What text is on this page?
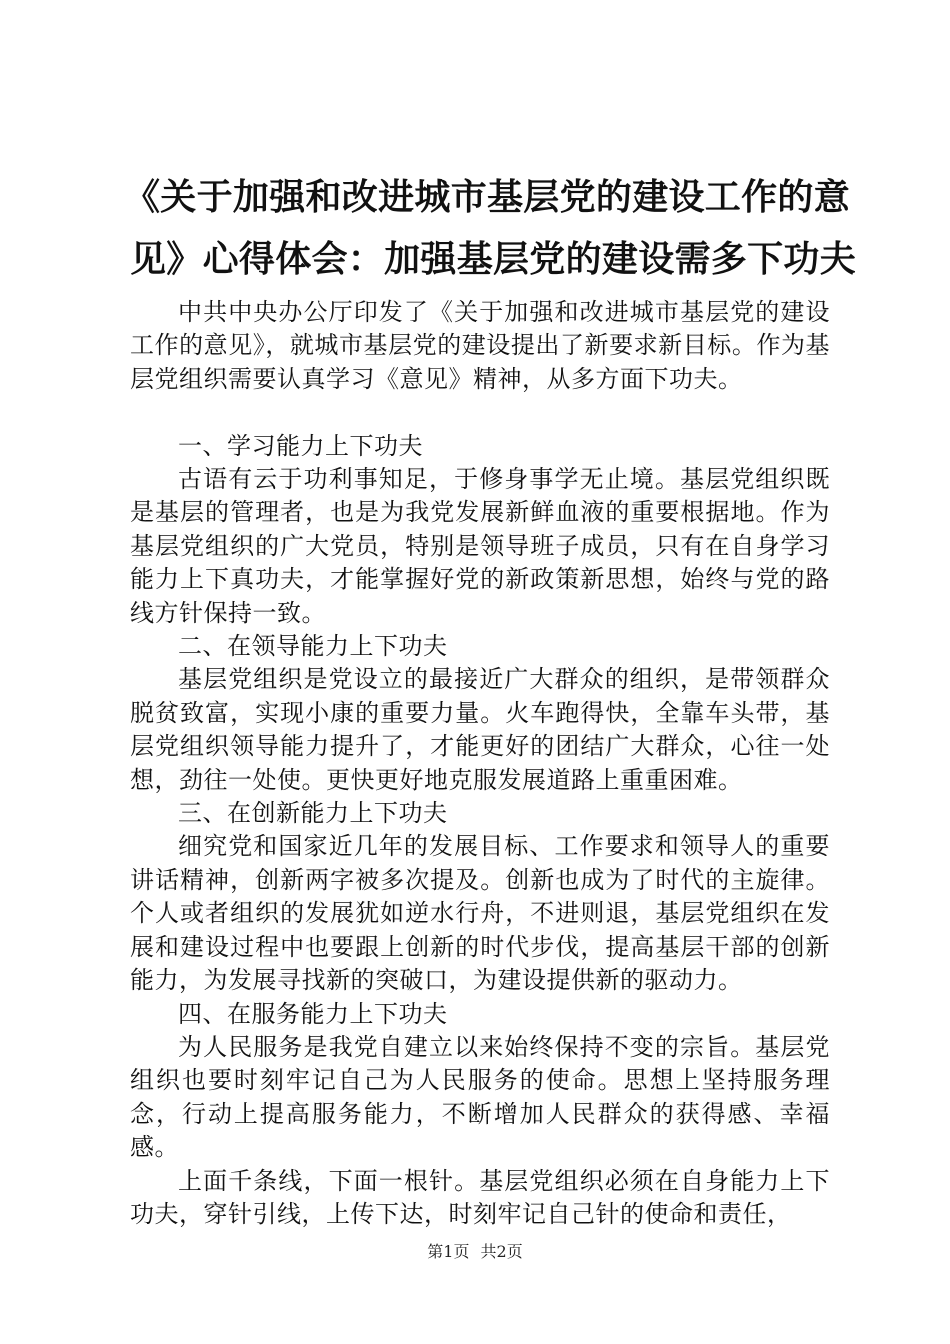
《关于加强和改进城市基层党的建设工作的意
见》心得体会：加强基层党的建设需多下功夫

中共中央办公厅印发了《关于加强和改进城市基层党的建设工作的意见》，就城市基层党的建设提出了新要求新目标。作为基层党组织需要认真学习《意见》精神，从多方面下功夫。

一、学习能力上下功夫

古语有云于功利事知足，于修身事学无止境。基层党组织既是基层的管理者，也是为我党发展新鲜血液的重要根据地。作为基层党组织的广大党员，特别是领导班子成员，只有在自身学习能力上下真功夫，才能掌握好党的新政策新思想，始终与党的路线方针保持一致。

二、在领导能力上下功夫

基层党组织是党设立的最接近广大群众的组织，是带领群众脱贫致富，实现小康的重要力量。火车跑得快，全靠车头带，基层党组织领导能力提升了，才能更好的团结广大群众，心往一处想，劲往一处使。更快更好地克服发展道路上重重困难。

三、在创新能力上下功夫

细究党和国家近几年的发展目标、工作要求和领导人的重要讲话精神，创新两字被多次提及。创新也成为了时代的主旋律。个人或者组织的发展犹如逆水行舟，不进则退，基层党组织在发展和建设过程中也要跟上创新的时代步伐，提高基层干部的创新能力，为发展寻找新的突破口，为建设提供新的驱动力。

四、在服务能力上下功夫

为人民服务是我党自建立以来始终保持不变的宗旨。基层党组织也要时刻牢记自己为人民服务的使命。思想上坚持服务理念，行动上提高服务能力，不断增加人民群众的获得感、幸福感。

上面千条线，下面一根针。基层党组织必须在自身能力上下功夫，穿针引线，上传下达，时刻牢记自己针的使命和责任，

第1页 共2页
